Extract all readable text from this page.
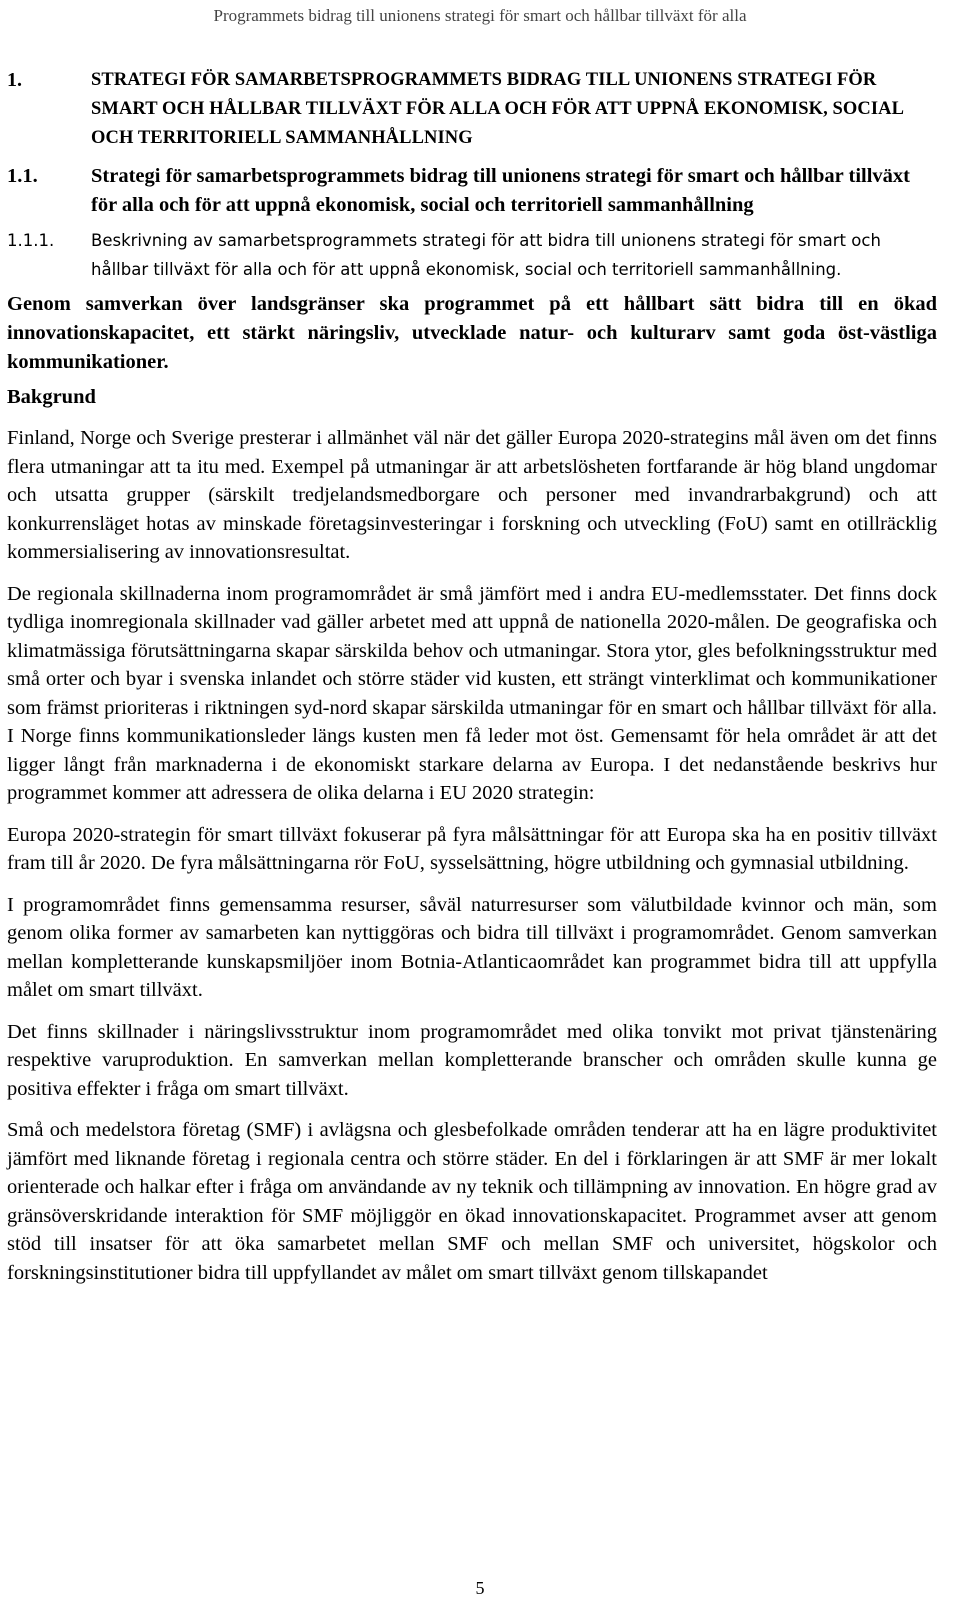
Programmets bidrag till unionens strategi för smart och hållbar tillväxt för alla
1.	STRATEGI FÖR SAMARBETSPROGRAMMETS BIDRAG TILL UNIONENS STRATEGI FÖR SMART OCH HÅLLBAR TILLVÄXT FÖR ALLA OCH FÖR ATT UPPNÅ EKONOMISK, SOCIAL OCH TERRITORIELL SAMMANHÅLLNING
1.1.	Strategi för samarbetsprogrammets bidrag till unionens strategi för smart och hållbar tillväxt för alla och för att uppnå ekonomisk, social och territoriell sammanhållning
1.1.1.	Beskrivning av samarbetsprogrammets strategi för att bidra till unionens strategi för smart och hållbar tillväxt för alla och för att uppnå ekonomisk, social och territoriell sammanhållning.

Genom samverkan över landsgränser ska programmet på ett hållbart sätt bidra till en ökad innovationskapacitet, ett stärkt näringsliv, utvecklade natur- och kulturarv samt goda öst-västliga kommunikationer.

Bakgrund

Finland, Norge och Sverige presterar i allmänhet väl när det gäller Europa 2020-strategins mål även om det finns flera utmaningar att ta itu med. Exempel på utmaningar är att arbetslösheten fortfarande är hög bland ungdomar och utsatta grupper (särskilt tredjelandsmedborgare och personer med invandrarbakgrund) och att konkurrensläget hotas av minskade företagsinvesteringar i forskning och utveckling (FoU) samt en otillräcklig kommersialisering av innovationsresultat.

De regionala skillnaderna inom programområdet är små jämfört med i andra EU-medlemsstater. Det finns dock tydliga inomregionala skillnader vad gäller arbetet med att uppnå de nationella 2020-målen. De geografiska och klimatmässiga förutsättningarna skapar särskilda behov och utmaningar. Stora ytor, gles befolkningsstruktur med små orter och byar i svenska inlandet och större städer vid kusten, ett strängt vinterklimat och kommunikationer som främst prioriteras i riktningen syd-nord skapar särskilda utmaningar för en smart och hållbar tillväxt för alla. I Norge finns kommunikationsleder längs kusten men få leder mot öst. Gemensamt för hela området är att det ligger långt från marknaderna i de ekonomiskt starkare delarna av Europa. I det nedanstående beskrivs hur programmet kommer att adressera de olika delarna i EU 2020 strategin:

Europa 2020-strategin för smart tillväxt fokuserar på fyra målsättningar för att Europa ska ha en positiv tillväxt fram till år 2020. De fyra målsättningarna rör FoU, sysselsättning, högre utbildning och gymnasial utbildning.

I programområdet finns gemensamma resurser, såväl naturresurser som välutbildade kvinnor och män, som genom olika former av samarbeten kan nyttiggöras och bidra till tillväxt i programområdet. Genom samverkan mellan kompletterande kunskapsmiljöer inom Botnia-Atlanticaområdet kan programmet bidra till att uppfylla målet om smart tillväxt.

Det finns skillnader i näringslivsstruktur inom programområdet med olika tonvikt mot privat tjänstenäring respektive varuproduktion. En samverkan mellan kompletterande branscher och områden skulle kunna ge positiva effekter i fråga om smart tillväxt.

Små och medelstora företag (SMF) i avlägsna och glesbefolkade områden tenderar att ha en lägre produktivitet jämfört med liknande företag i regionala centra och större städer. En del i förklaringen är att SMF är mer lokalt orienterade och halkar efter i fråga om användande av ny teknik och tillämpning av innovation. En högre grad av gränsöverskridande interaktion för SMF möjliggör en ökad innovationskapacitet. Programmet avser att genom stöd till insatser för att öka samarbetet mellan SMF och mellan SMF och universitet, högskolor och forskningsinstitutioner bidra till uppfyllandet av målet om smart tillväxt genom tillskapandet

5
